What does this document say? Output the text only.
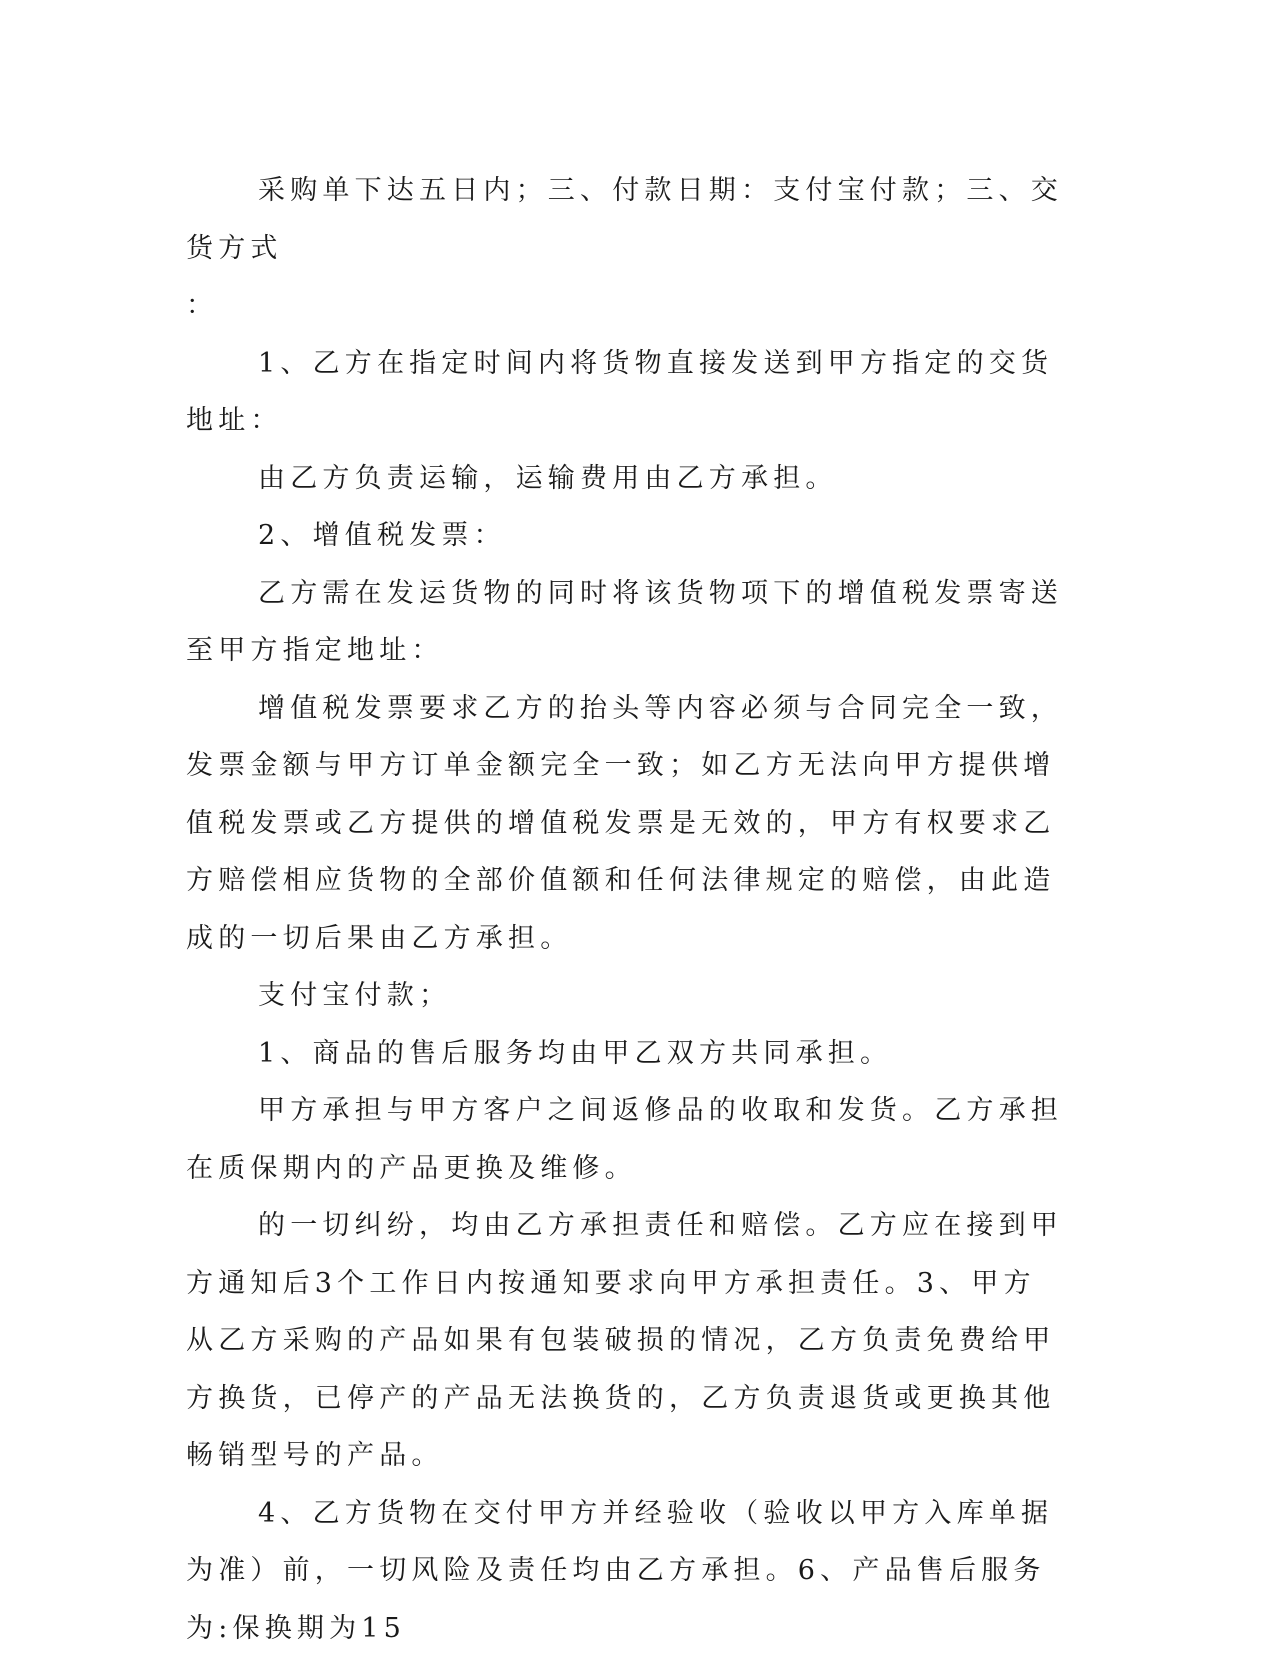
采购单下达五日内；三、付款日期：支付宝付款；三、交货方式

：

1、乙方在指定时间内将货物直接发送到甲方指定的交货地址：

由乙方负责运输，运输费用由乙方承担。

2、增值税发票：

乙方需在发运货物的同时将该货物项下的增值税发票寄送至甲方指定地址：

增值税发票要求乙方的抬头等内容必须与合同完全一致，发票金额与甲方订单金额完全一致；如乙方无法向甲方提供增值税发票或乙方提供的增值税发票是无效的，甲方有权要求乙方赔偿相应货物的全部价值额和任何法律规定的赔偿，由此造成的一切后果由乙方承担。

支付宝付款；

1、商品的售后服务均由甲乙双方共同承担。

甲方承担与甲方客户之间返修品的收取和发货。乙方承担在质保期内的产品更换及维修。

的一切纠纷，均由乙方承担责任和赔偿。乙方应在接到甲方通知后3个工作日内按通知要求向甲方承担责任。3、甲方从乙方采购的产品如果有包装破损的情况，乙方负责免费给甲方换货，已停产的产品无法换货的，乙方负责退货或更换其他畅销型号的产品。

4、乙方货物在交付甲方并经验收（验收以甲方入库单据为准）前，一切风险及责任均由乙方承担。6、产品售后服务为:保换期为15
